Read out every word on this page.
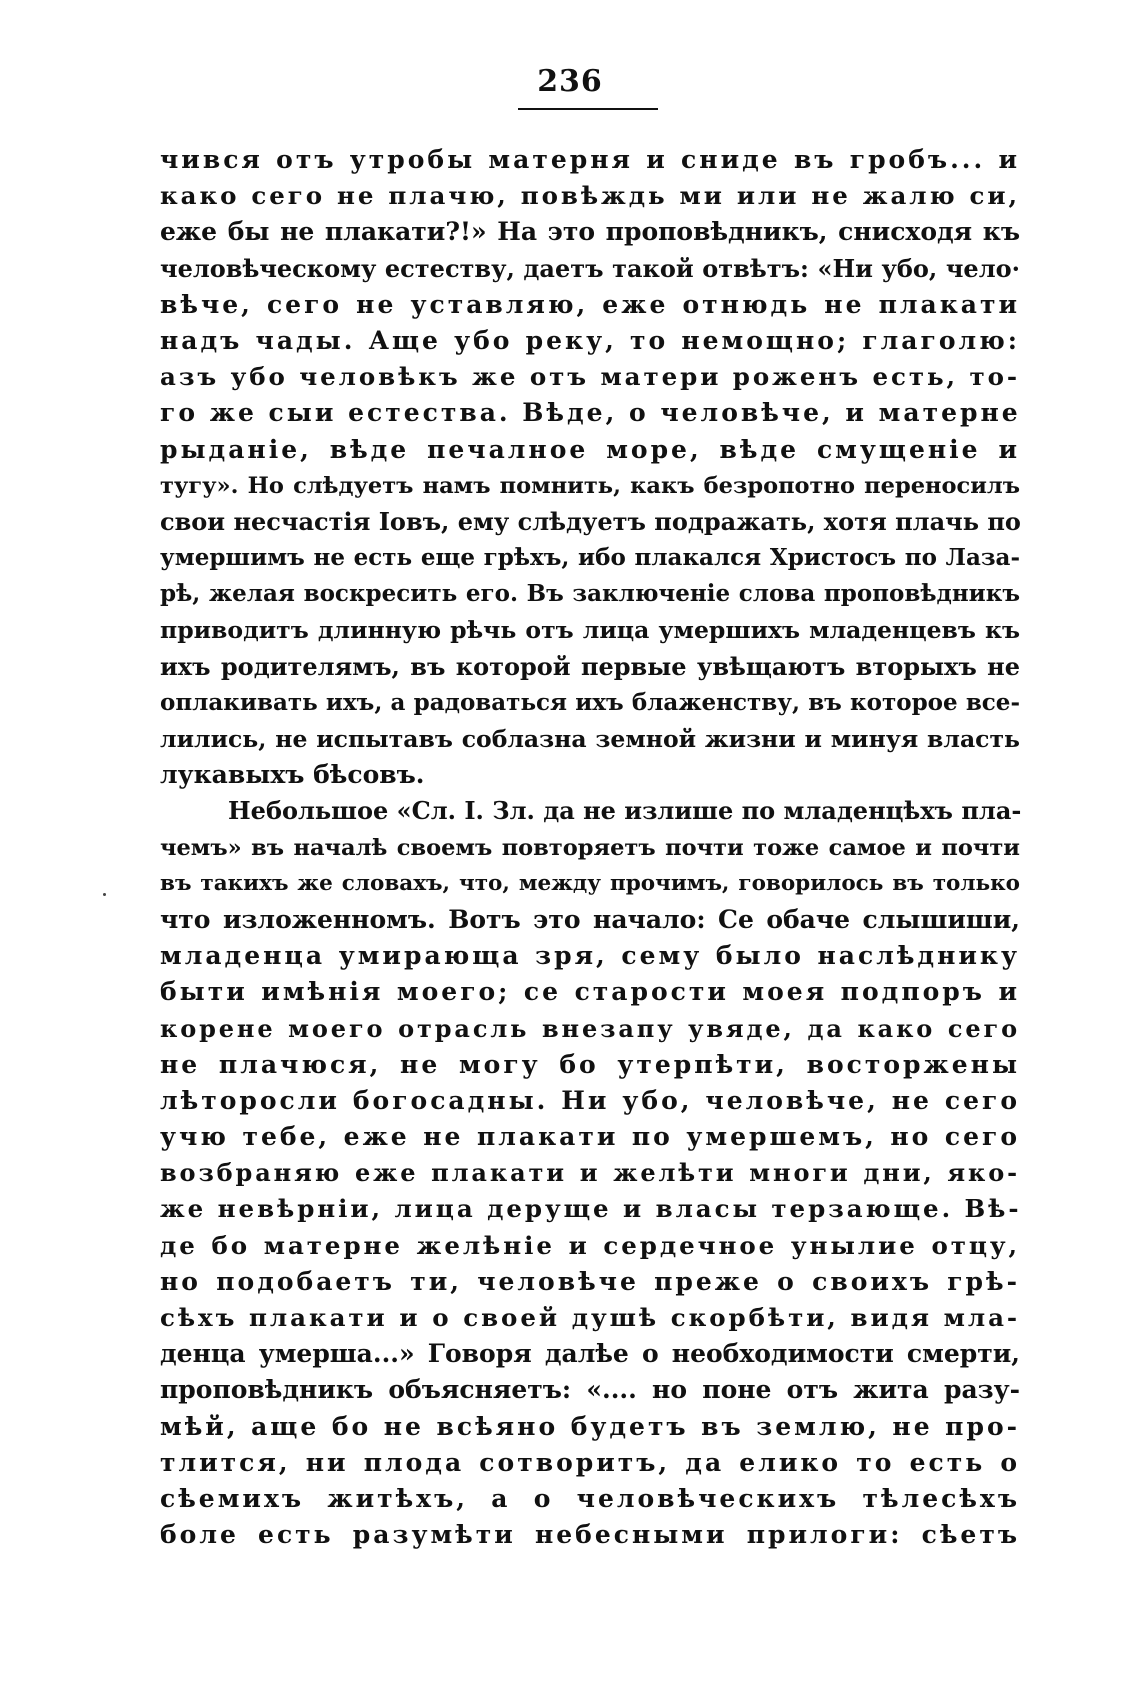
236
чився отъ утробы матерня и сниде въ гробъ... и
како сего не плачю, повѣждь ми или не жалю си,
еже бы не плакати?!» На это проповѣдникъ, снисходя къ
человѣческому естеству, даетъ такой отвѣтъ: «Ни убо, чело·
вѣче, сего не уставляю, еже отнюдь не плакати
надъ чады. Аще убо реку, то немощно; глаголю:
азъ убо человѣкъ же отъ матери роженъ есть, то-
го же сыи естества. Вѣде, о человѣче, и матерне
рыданіе, вѣде печалное море, вѣде смущеніе и
тугу». Но слѣдуетъ намъ помнить, какъ безропотно переносилъ
свои несчастія Іовъ, ему слѣдуетъ подражать, хотя плачь по
умершимъ не есть еще грѣхъ, ибо плакался Христосъ по Лаза-
рѣ, желая воскресить его. Въ заключеніе слова проповѣдникъ
приводитъ длинную рѣчь отъ лица умершихъ младенцевъ къ
ихъ родителямъ, въ которой первые увѣщаютъ вторыхъ не
оплакивать ихъ, а радоваться ихъ блаженству, въ которое все-
лились, не испытавъ соблазна земной жизни и минуя власть
лукавыхъ бѣсовъ.
Небольшое «Сл. І. Зл. да не излише по младенцѣхъ пла-
чемъ» въ началѣ своемъ повторяетъ почти тоже самое и почти
въ такихъ же словахъ, что, между прочимъ, говорилось въ только
что изложенномъ. Вотъ это начало: Се обаче слышиши,
младенца умирающа зря, сему было наслѣднику
быти имѣнія моего; се старости моея подпоръ и
корене моего отрасль внезапу увяде, да како сего
не плачюся, не могу бо утерпѣти, восторжены
лѣторосли богосадны. Ни убо, человѣче, не сего
учю тебе, еже не плакати по умершемъ, но сего
возбраняю еже плакати и желѣти многи дни, яко-
же невѣрніи, лица дерущe и власы терзающе. Вѣ-
де бо матерне желѣніе и сердечное унылие отцу,
но подобаетъ ти, человѣче преже о своихъ грѣ-
сѣхъ плакати и о своей душѣ скорбѣти, видя мла-
денца умерша...» Говоря далѣе о необходимости смерти,
проповѣдникъ объясняетъ: «.... но поне отъ жита разу-
мѣй, аще бо не всѣяно будетъ въ землю, не про-
тлится, ни плода сотворитъ, да елико то есть о
сѣемихъ житѣхъ, а о человѣческихъ тѣлесѣхъ
боле есть разумѣти небесными прилоги: сѣетъ
